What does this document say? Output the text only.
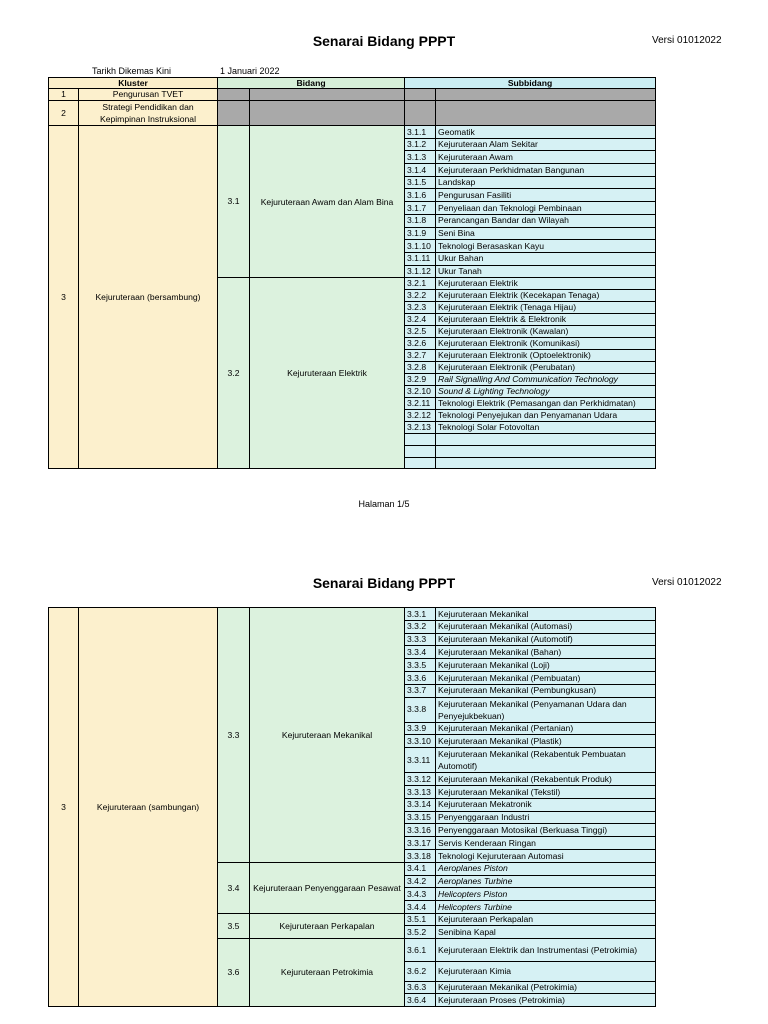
Senarai Bidang PPPT	Versi 01012022
Tarikh Dikemas Kini	1 Januari 2022
Kluster		Bidang		Subbidang	
1	Pengurusan TVET				
2	Strategi Pendidikan dan Kepimpinan Instruksional				
3	Kejuruteraan (bersambung)	3.1	Kejuruteraan Awam dan Alam Bina	3.1.1	Geomatik
				3.1.2	Kejuruteraan Alam Sekitar
				3.1.3	Kejuruteraan Awam
				3.1.4	Kejuruteraan Perkhidmatan Bangunan
				3.1.5	Landskap
				3.1.6	Pengurusan Fasiliti
				3.1.7	Penyeliaan dan Teknologi Pembinaan
				3.1.8	Perancangan Bandar dan Wilayah
				3.1.9	Seni Bina
				3.1.10	Teknologi Berasaskan Kayu
				3.1.11	Ukur Bahan
				3.1.12	Ukur Tanah
		3.2	Kejuruteraan Elektrik	3.2.1	Kejuruteraan Elektrik
				3.2.2	Kejuruteraan Elektrik (Kecekapan Tenaga)
				3.2.3	Kejuruteraan Elektrik (Tenaga Hijau)
				3.2.4	Kejuruteraan Elektrik & Elektronik
				3.2.5	Kejuruteraan Elektronik (Kawalan)
				3.2.6	Kejuruteraan Elektronik (Komunikasi)
				3.2.7	Kejuruteraan Elektronik (Optoelektronik)
				3.2.8	Kejuruteraan Elektronik (Perubatan)
				3.2.9	Rail Signalling And Communication Technology
				3.2.10	Sound & Lighting Technology
				3.2.11	Teknologi Elektrik (Pemasangan dan Perkhidmatan)
				3.2.12	Teknologi Penyejukan dan Penyamanan Udara
				3.2.13	Teknologi Solar Fotovoltan

Halaman 1/5
Senarai Bidang PPPT	Versi 01012022
3	Kejuruteraan (sambungan)	3.3	Kejuruteraan Mekanikal	3.3.1	Kejuruteraan Mekanikal
				3.3.2	Kejuruteraan Mekanikal (Automasi)
				3.3.3	Kejuruteraan Mekanikal (Automotif)
				3.3.4	Kejuruteraan Mekanikal (Bahan)
				3.3.5	Kejuruteraan Mekanikal (Loji)
				3.3.6	Kejuruteraan Mekanikal (Pembuatan)
				3.3.7	Kejuruteraan Mekanikal (Pembungkusan)
				3.3.8	Kejuruteraan Mekanikal (Penyamanan Udara dan Penyejukbekuan)
				3.3.9	Kejuruteraan Mekanikal (Pertanian)
				3.3.10	Kejuruteraan Mekanikal (Plastik)
				3.3.11	Kejuruteraan Mekanikal (Rekabentuk Pembuatan Automotif)
				3.3.12	Kejuruteraan Mekanikal (Rekabentuk Produk)
				3.3.13	Kejuruteraan Mekanikal (Tekstil)
				3.3.14	Kejuruteraan Mekatronik
				3.3.15	Penyenggaraan Industri
				3.3.16	Penyenggaraan Motosikal (Berkuasa Tinggi)
				3.3.17	Servis Kenderaan Ringan
				3.3.18	Teknologi Kejuruteraan Automasi
		3.4	Kejuruteraan Penyenggaraan Pesawat	3.4.1	Aeroplanes Piston
				3.4.2	Aeroplanes Turbine
				3.4.3	Helicopters Piston
				3.4.4	Helicopters Turbine
		3.5	Kejuruteraan Perkapalan	3.5.1	Kejuruteraan Perkapalan
				3.5.2	Senibina Kapal
		3.6	Kejuruteraan Petrokimia	3.6.1	Kejuruteraan Elektrik dan Instrumentasi (Petrokimia)
				3.6.2	Kejuruteraan Kimia
				3.6.3	Kejuruteraan Mekanikal (Petrokimia)
				3.6.4	Kejuruteraan Proses (Petrokimia)
